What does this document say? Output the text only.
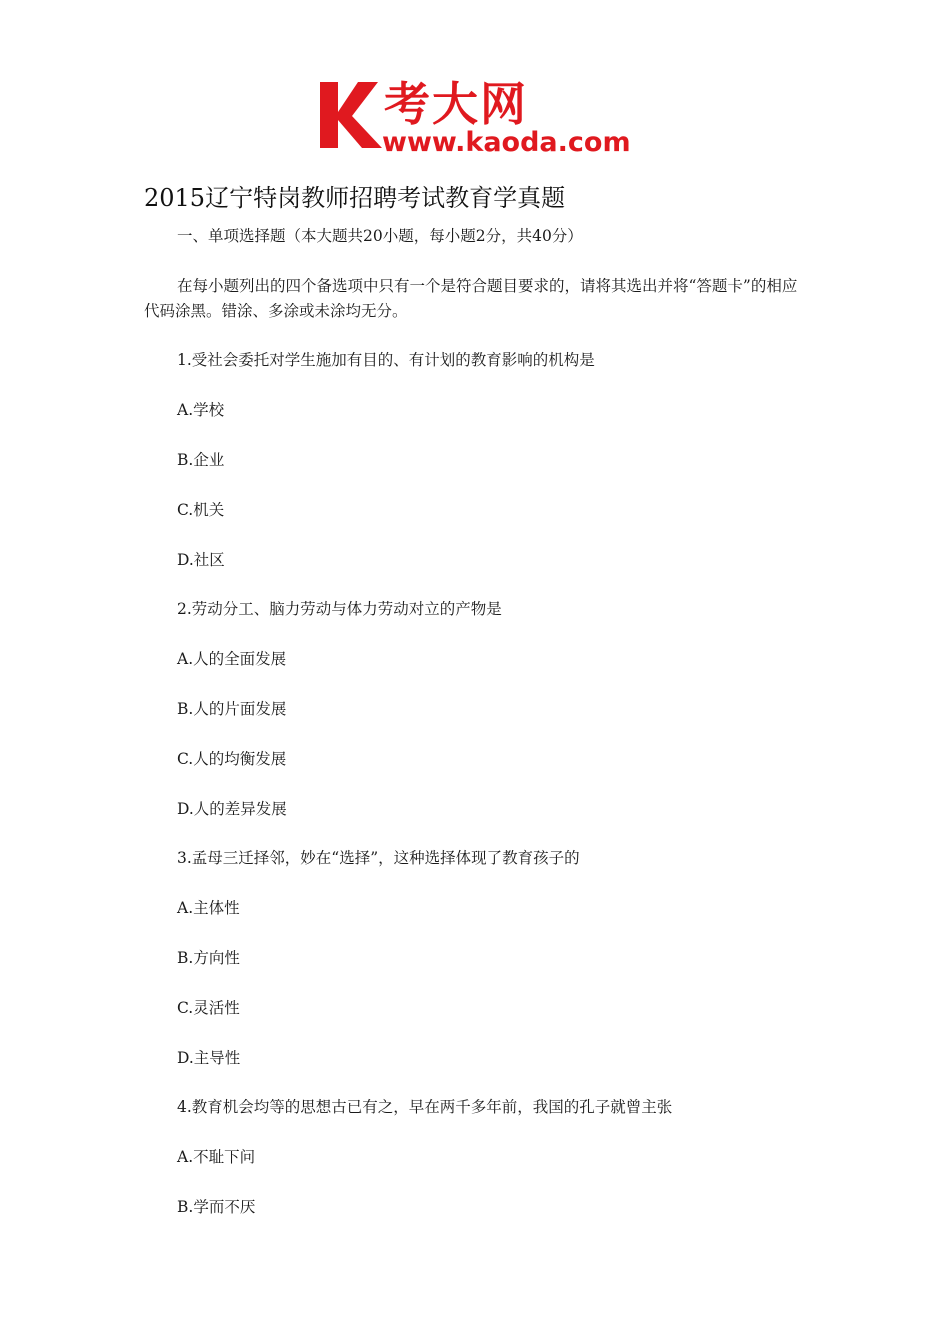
考大网
www.kaoda.com
2015辽宁特岗教师招聘考试教育学真题
一、单项选择题（本大题共20小题，每小题2分，共40分）
在每小题列出的四个备选项中只有一个是符合题目要求的，请将其选出并将“答题卡”的相应代码涂黑。错涂、多涂或未涂均无分。
1.受社会委托对学生施加有目的、有计划的教育影响的机构是
A.学校
B.企业
C.机关
D.社区
2.劳动分工、脑力劳动与体力劳动对立的产物是
A.人的全面发展
B.人的片面发展
C.人的均衡发展
D.人的差异发展
3.孟母三迁择邻，妙在“选择”，这种选择体现了教育孩子的
A.主体性
B.方向性
C.灵活性
D.主导性
4.教育机会均等的思想古已有之，早在两千多年前，我国的孔子就曾主张
A.不耻下问
B.学而不厌
